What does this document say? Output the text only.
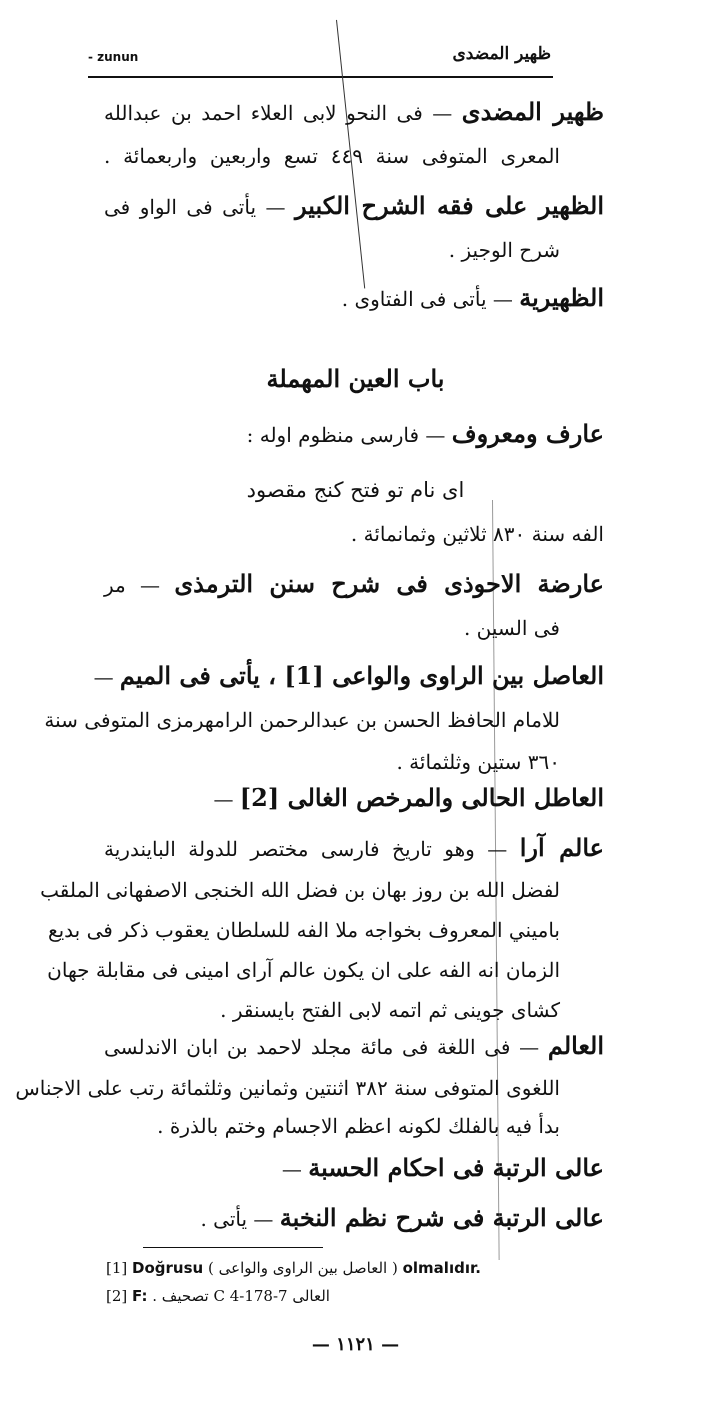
- zunun	ظهير المضدى
ظهير المضدى — فى النحو لابى العلاء احمد بن عبدالله
المعرى المتوفى سنة ٤٤٩ تسع واربعين واربعمائة .
الظهير على فقه الشرح الكبير — يأتى فى الواو فى
شرح الوجيز .
الظهيرية — يأتى فى الفتاوى .
عارف ومعروف — فارسى منظوم اوله :
الفه سنة ٨٣٠ ثلاثين وثمانمائة .
عارضة الاحوذى فى شرح سنن الترمذى — مر
فى السين .
العاصل بين الراوى والواعى [1] ، يأتى فى الميم —
للامام الحافظ الحسن بن عبدالرحمن الرامهرمزى المتوفى سنة
٣٦٠ ستين وثلثمائة .
العاطل الحالى والمرخص الغالى [2] —
عالم آرا — وهو تاريخ فارسى مختصر للدولة البايندرية
لفضل الله بن روز بهان بن فضل الله الخنجى الاصفهانى الملقب
باميني المعروف بخواجه ملا الفه للسلطان يعقوب ذكر فى بديع
الزمان انه الفه على ان يكون عالم آراى امينى فى مقابلة جهان
كشاى جوينى ثم اتمه لابى الفتح بايسنقر .
العالم — فى اللغة فى مائة مجلد لاحمد بن ابان الاندلسى
اللغوى المتوفى سنة ٣٨٢ اثنتين وثمانين وثلثمائة رتب على الاجناس
بدأ فيه بالفلك لكونه اعظم الاجسام وختم بالذرة .
عالى الرتبة فى احكام الحسبة —
عالى الرتبة فى شرح نظم النخبة — يأتى .
باب العين المهملة
اى نام تو فتح كنج مقصود
[1] Doğrusu ( العاصل بين الراوى والواعى ) olmalıdır.
[2] F: العالى C 4-178-7 تصحيف .
— ١١٢١ —
